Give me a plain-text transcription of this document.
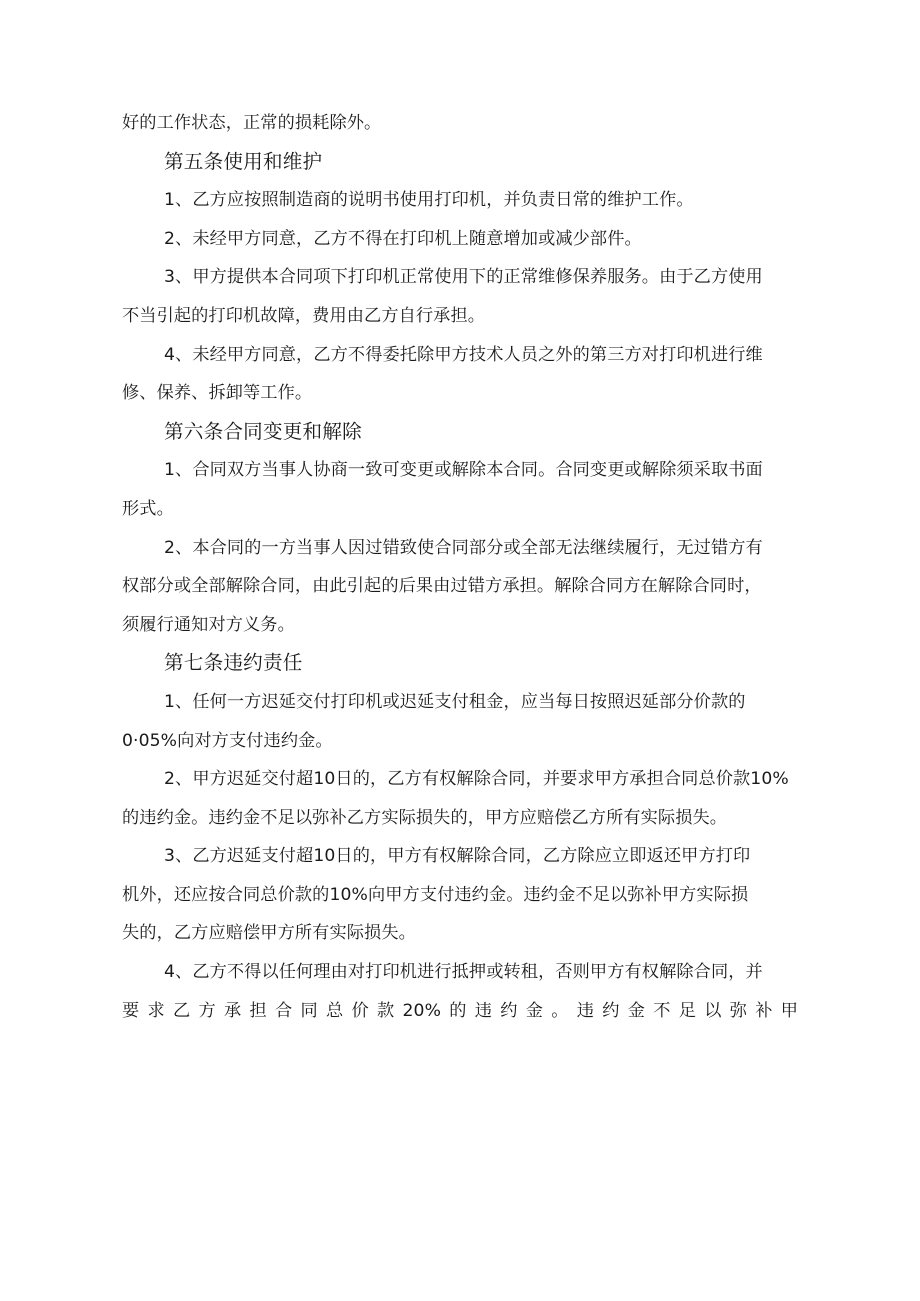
好的工作状态，正常的损耗除外。

第五条使用和维护

1、乙方应按照制造商的说明书使用打印机，并负责日常的维护工作。

2、未经甲方同意，乙方不得在打印机上随意增加或减少部件。

3、甲方提供本合同项下打印机正常使用下的正常维修保养服务。由于乙方使用

不当引起的打印机故障，费用由乙方自行承担。

4、未经甲方同意，乙方不得委托除甲方技术人员之外的第三方对打印机进行维

修、保养、拆卸等工作。

第六条合同变更和解除

1、合同双方当事人协商一致可变更或解除本合同。合同变更或解除须采取书面

形式。

2、本合同的一方当事人因过错致使合同部分或全部无法继续履行，无过错方有

权部分或全部解除合同，由此引起的后果由过错方承担。解除合同方在解除合同时，

须履行通知对方义务。

第七条违约责任

1、任何一方迟延交付打印机或迟延支付租金，应当每日按照迟延部分价款的

0·05%向对方支付违约金。

2、甲方迟延交付超10日的，乙方有权解除合同，并要求甲方承担合同总价款10%

的违约金。违约金不足以弥补乙方实际损失的，甲方应赔偿乙方所有实际损失。

3、乙方迟延支付超10日的，甲方有权解除合同，乙方除应立即返还甲方打印

机外，还应按合同总价款的10%向甲方支付违约金。违约金不足以弥补甲方实际损

失的，乙方应赔偿甲方所有实际损失。

4、乙方不得以任何理由对打印机进行抵押或转租，否则甲方有权解除合同，并

要求乙方承担合同总价款20%的违约金。违约金不足以弥补甲
